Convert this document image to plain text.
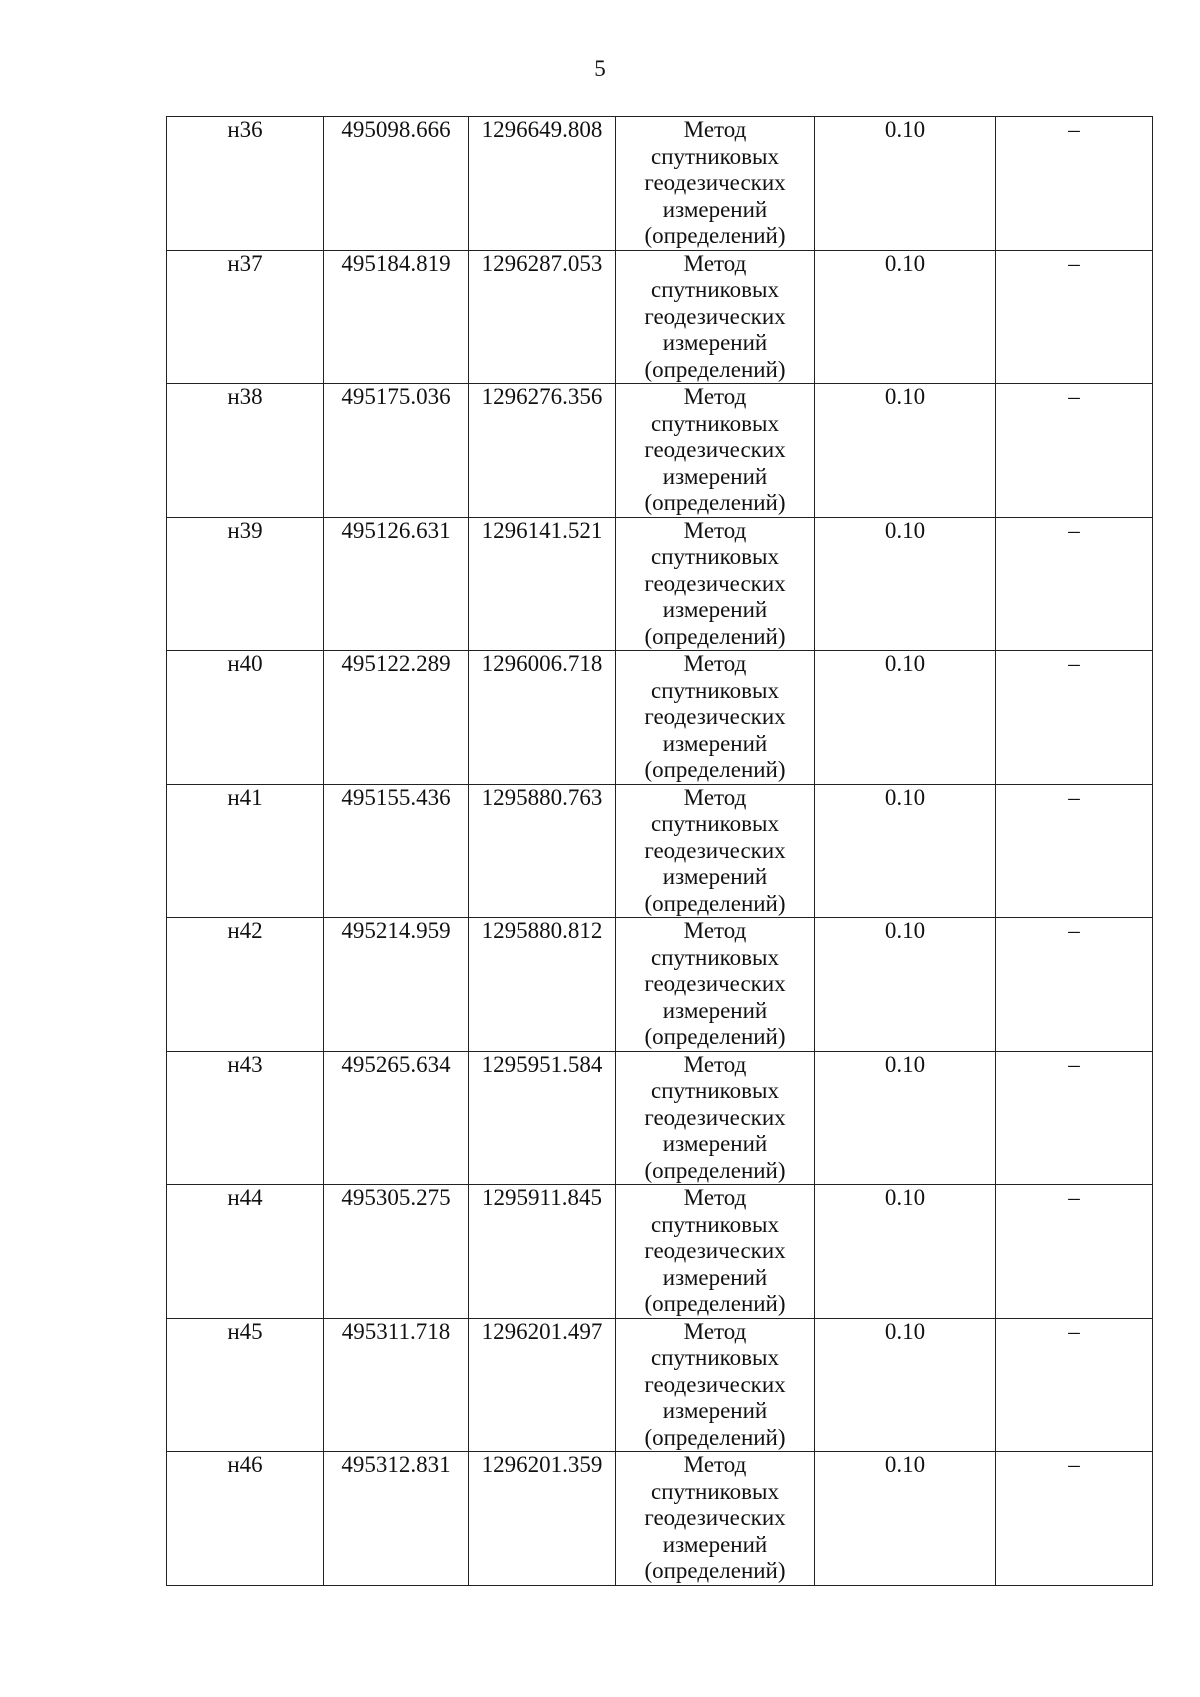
5
н36	495098.666	1296649.808	Метод
спутниковых
геодезических
измерений
(определений)	0.10	–
н37	495184.819	1296287.053	Метод
спутниковых
геодезических
измерений
(определений)	0.10	–
н38	495175.036	1296276.356	Метод
спутниковых
геодезических
измерений
(определений)	0.10	–
н39	495126.631	1296141.521	Метод
спутниковых
геодезических
измерений
(определений)	0.10	–
н40	495122.289	1296006.718	Метод
спутниковых
геодезических
измерений
(определений)	0.10	–
н41	495155.436	1295880.763	Метод
спутниковых
геодезических
измерений
(определений)	0.10	–
н42	495214.959	1295880.812	Метод
спутниковых
геодезических
измерений
(определений)	0.10	–
н43	495265.634	1295951.584	Метод
спутниковых
геодезических
измерений
(определений)	0.10	–
н44	495305.275	1295911.845	Метод
спутниковых
геодезических
измерений
(определений)	0.10	–
н45	495311.718	1296201.497	Метод
спутниковых
геодезических
измерений
(определений)	0.10	–
н46	495312.831	1296201.359	Метод
спутниковых
геодезических
измерений
(определений)	0.10	–
